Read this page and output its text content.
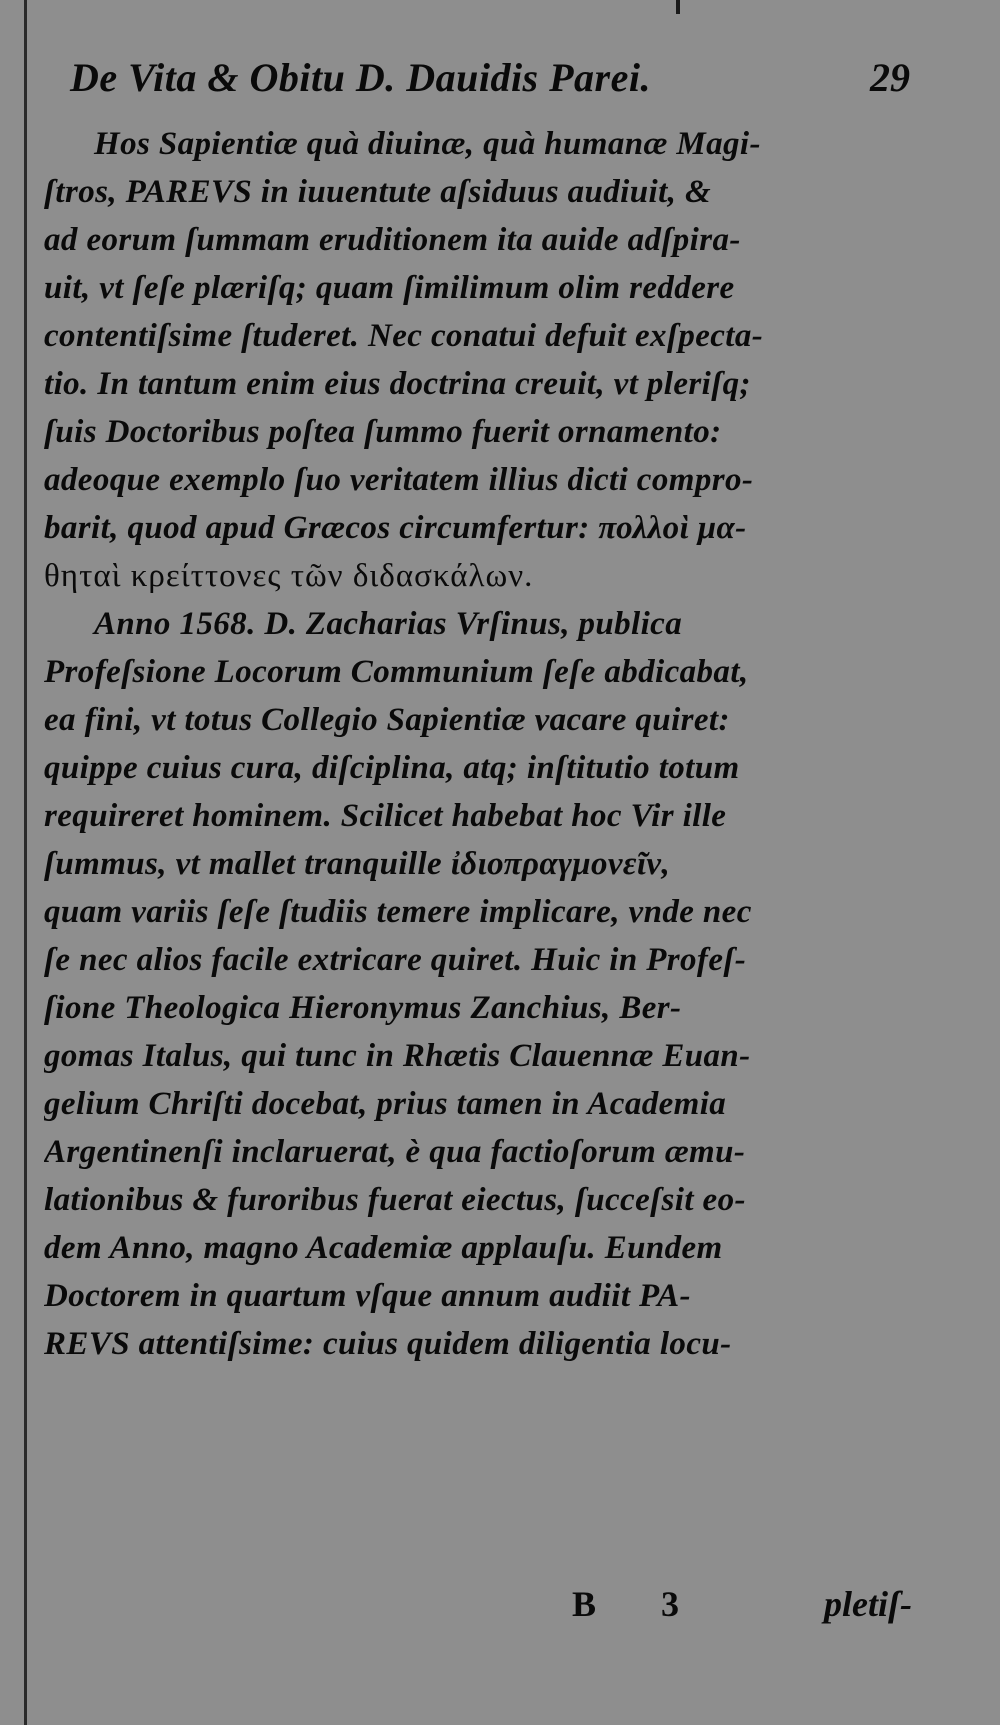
De Vita & Obitu D. Dauidis Parei.	29
Hos Sapientiæ quà diuinæ, quà humanæ Magi-
ſtros, PAREVS in iuuentute aſsiduus audiuit, &
ad eorum ſummam eruditionem ita auide adſpira-
uit, vt ſeſe plæriſq; quam ſimilimum olim reddere
contentiſsime ſtuderet. Nec conatui defuit exſpecta-
tio. In tantum enim eius doctrina creuit, vt pleriſq;
ſuis Doctoribus poſtea ſummo fuerit ornamento:
adeoque exemplo ſuo veritatem illius dicti compro-
barit, quod apud Græcos circumfertur: πολλοὶ μα-
θηταὶ κρείττονες τῶν διδασκάλων.
Anno 1568. D. Zacharias Vrſinus, publica
Profeſsione Locorum Communium ſeſe abdicabat,
ea fini, vt totus Collegio Sapientiæ vacare quiret:
quippe cuius cura, diſciplina, atq; inſtitutio totum
requireret hominem. Scilicet habebat hoc Vir ille
ſummus, vt mallet tranquille ἰδιοπραγμονεῖν,
quam variis ſeſe ſtudiis temere implicare, vnde nec
ſe nec alios facile extricare quiret. Huic in Profeſ-
ſione Theologica Hieronymus Zanchius, Ber-
gomas Italus, qui tunc in Rhætis Clauennæ Euan-
gelium Chriſti docebat, prius tamen in Academia
Argentinenſi inclaruerat, è qua factioſorum æmu-
lationibus & furoribus fuerat eiectus, ſucceſsit eo-
dem Anno, magno Academiæ applauſu. Eundem
Doctorem in quartum vſque annum audiit PA-
REVS attentiſsime: cuius quidem diligentia locu-
B 3	pletiſ-
